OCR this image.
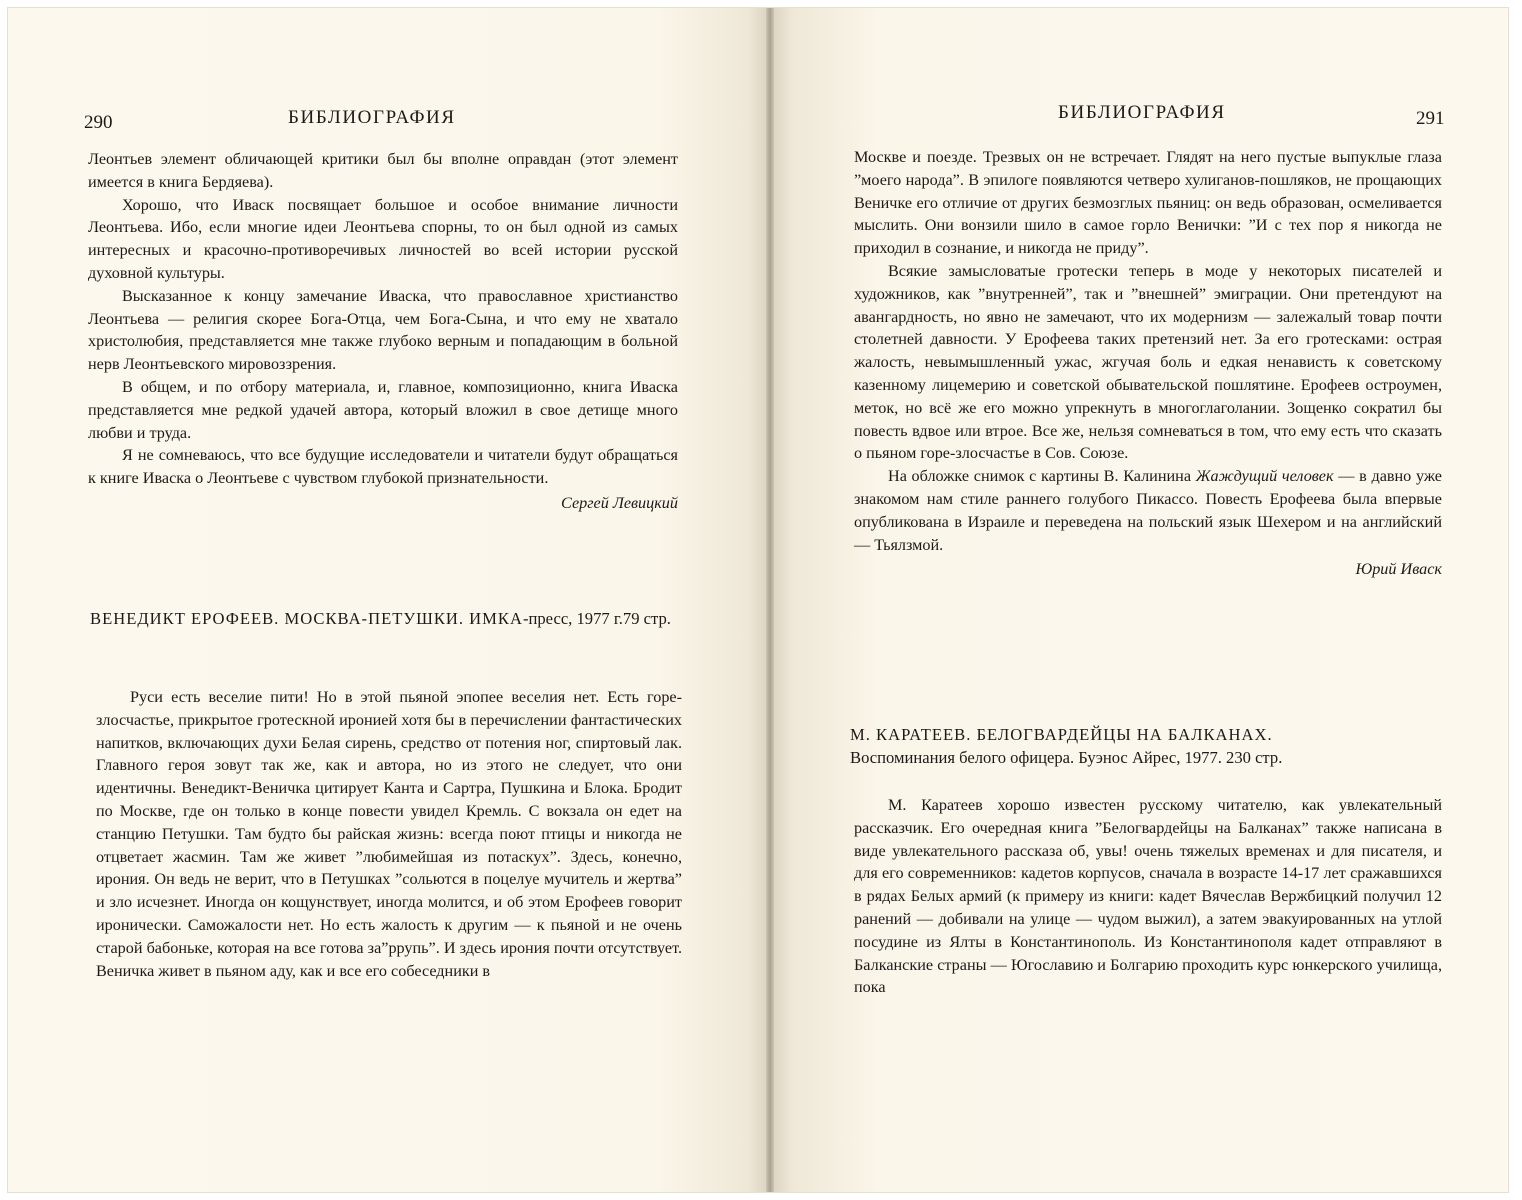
290	БИБЛИОГРАФИЯ

Леонтьев элемент обличающей критики был бы вполне оправдан (этот элемент имеется в книга Бердяева).

Хорошо, что Иваск посвящает большое и особое внимание личности Леонтьева. Ибо, если многие идеи Леонтьева спорны, то он был одной из самых интересных и красочно-противоречивых личностей во всей истории русской духовной культуры.

Высказанное к концу замечание Иваска, что православное христианство Леонтьева — религия скорее Бога-Отца, чем Бога-Сына, и что ему не хватало христолюбия, представляется мне также глубоко верным и попадающим в больной нерв Леонтьевского мировоззрения.

В общем, и по отбору материала, и, главное, композиционно, книга Иваска представляется мне редкой удачей автора, который вложил в свое детище много любви и труда.

Я не сомневаюсь, что все будущие исследователи и читатели будут обращаться к книге Иваска о Леонтьеве с чувством глубокой признательности.

Сергей Левицкий

ВЕНЕДИКТ ЕРОФЕЕВ. МОСКВА-ПЕТУШКИ. ИМКА-пресс, 1977 г.79 стр.

Руси есть веселие пити! Но в этой пьяной эпопее веселия нет. Есть горе-злосчастье, прикрытое гротескной иронией хотя бы в перечислении фантастических напитков, включающих духи Белая сирень, средство от потения ног, спиртовый лак. Главного героя зовут так же, как и автора, но из этого не следует, что они идентичны. Венедикт-Веничка цитирует Канта и Сартра, Пушкина и Блока. Бродит по Москве, где он только в конце повести увидел Кремль. С вокзала он едет на станцию Петушки. Там будто бы райская жизнь: всегда поют птицы и никогда не отцветает жасмин. Там же живет ”любимейшая из потаскух”. Здесь, конечно, ирония. Он ведь не верит, что в Петушках ”сольются в поцелуе мучитель и жертва” и зло исчезнет. Иногда он кощунствует, иногда молится, и об этом Ерофеев говорит иронически. Саможалости нет. Но есть жалость к другим — к пьяной и не очень старой бабоньке, которая на все готова за”ррупь”. И здесь ирония почти отсутствует. Веничка живет в пьяном аду, как и все его собеседники в

БИБЛИОГРАФИЯ	291

Москве и поезде. Трезвых он не встречает. Глядят на него пустые выпуклые глаза ”моего народа”. В эпилоге появляются четверо хулиганов-пошляков, не прощающих Веничке его отличие от других безмозглых пьяниц: он ведь образован, осмеливается мыслить. Они вонзили шило в самое горло Венички: ”И с тех пор я никогда не приходил в сознание, и никогда не приду”.

Всякие замысловатые гротески теперь в моде у некоторых писателей и художников, как ”внутренней”, так и ”внешней” эмиграции. Они претендуют на авангардность, но явно не замечают, что их модернизм — залежалый товар почти столетней давности. У Ерофеева таких претензий нет. За его гротесками: острая жалость, невымышленный ужас, жгучая боль и едкая ненависть к советскому казенному лицемерию и советской обывательской пошлятине. Ерофеев остроумен, меток, но всё же его можно упрекнуть в многоглаголании. Зощенко сократил бы повесть вдвое или втрое. Все же, нельзя сомневаться в том, что ему есть что сказать о пьяном горе-злосчастье в Сов. Союзе.

На обложке снимок с картины В. Калинина Жаждущий человек — в давно уже знакомом нам стиле раннего голубого Пикассо. Повесть Ерофеева была впервые опубликована в Израиле и переведена на польский язык Шехером и на английский — Тьялзмой.

Юрий Иваск

М. КАРАТЕЕВ. БЕЛОГВАРДЕЙЦЫ НА БАЛКАНАХ.
Воспоминания белого офицера. Буэнос Айрес, 1977. 230 стр.

М. Каратеев хорошо известен русскому читателю, как увлекательный рассказчик. Его очередная книга ”Белогвардейцы на Балканах” также написана в виде увлекательного рассказа об, увы! очень тяжелых временах и для писателя, и для его современников: кадетов корпусов, сначала в возрасте 14-17 лет сражавшихся в рядах Белых армий (к примеру из книги: кадет Вячеслав Вержбицкий получил 12 ранений — добивали на улице — чудом выжил), а затем эвакуированных на утлой посудине из Ялты в Константинополь. Из Константинополя кадет отправляют в Балканские страны — Югославию и Болгарию проходить курс юнкерского училища, пока
